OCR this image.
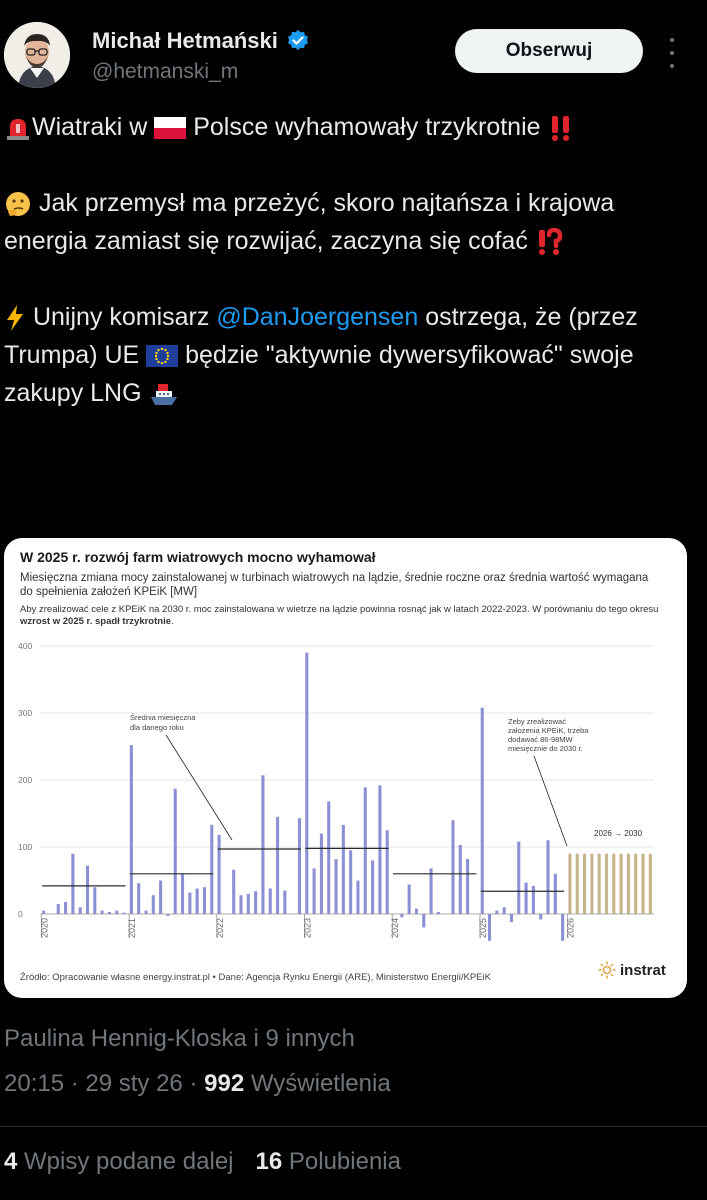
Michał Hetmański
@hetmanski_m
Obserwuj
Wiatraki w Polsce wyhamowały trzykrotnie
Jak przemysł ma przeżyć, skoro najtańsza i krajowa energia zamiast się rozwijać, zaczyna się cofać
Unijny komisarz @DanJoergensen ostrzega, że (przez Trumpa) UE będzie "aktywnie dywersyfikować" swoje zakupy LNG
W 2025 r. rozwój farm wiatrowych mocno wyhamował
Miesięczna zmiana mocy zainstalowanej w turbinach wiatrowych na lądzie, średnie roczne oraz średnia wartość wymagana do spełnienia założeń KPEiK [MW]
Aby zrealizować cele z KPEiK na 2030 r. moc zainstalowana w wietrze na lądzie powinna rosnąć jak w latach 2022-2023. W porównaniu do tego okresu wzrost w 2025 r. spadł trzykrotnie.
400
300
200
100
0
2020	2021	2022	2023	2024	2025	2026
Średnia miesięczna dla danego roku
Żeby zrealizować założenia KPEiK, trzeba dodawać 86-98MW miesięcznie do 2030 r.
2026 → 2030
Źródło: Opracowanie własne energy.instrat.pl • Dane: Agencja Rynku Energii (ARE), Ministerstwo Energii/KPEiK	instrat
Paulina Hennig-Kloska i 9 innych
20:15 · 29 sty 26 · 992 Wyświetlenia
4 Wpisy podane dalej 16 Polubienia
